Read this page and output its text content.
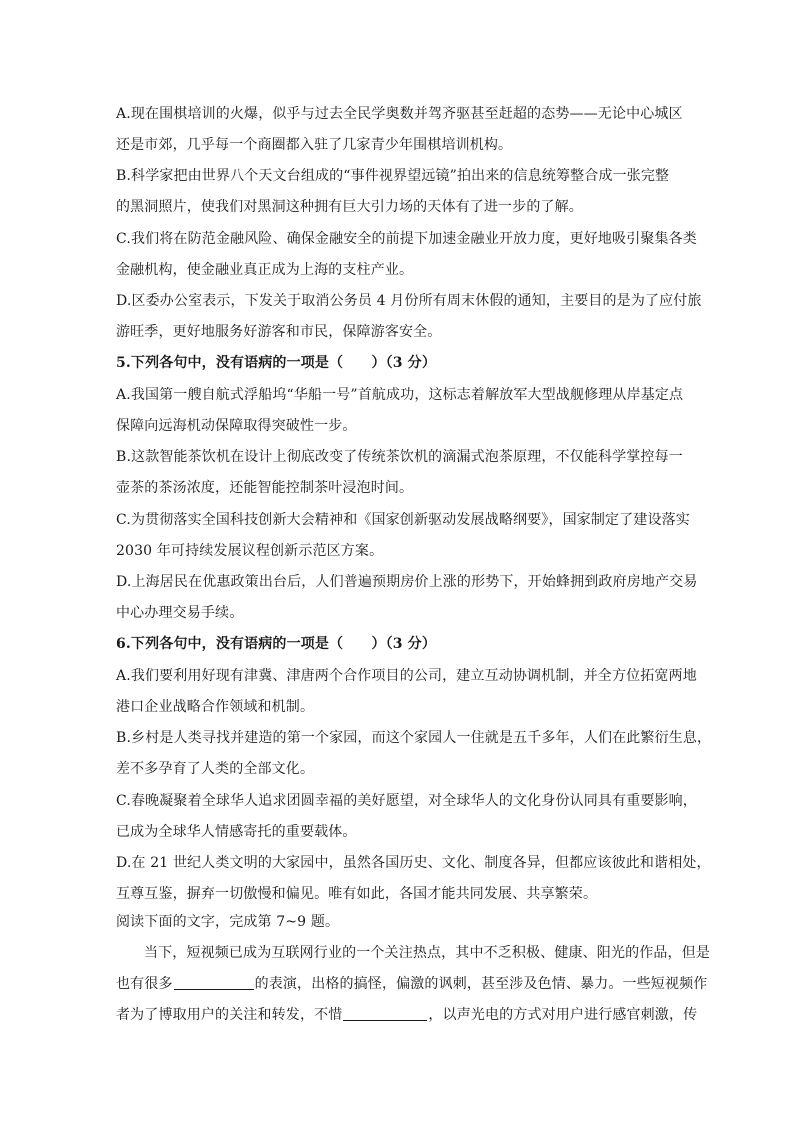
A.现在围棋培训的火爆，似乎与过去全民学奥数并驾齐驱甚至赶超的态势——无论中心城区
还是市郊，几乎每一个商圈都入驻了几家青少年围棋培训机构。
B.科学家把由世界八个天文台组成的“事件视界望远镜”拍出来的信息统筹整合成一张完整
的黑洞照片，使我们对黑洞这种拥有巨大引力场的天体有了进一步的了解。
C.我们将在防范金融风险、确保金融安全的前提下加速金融业开放力度，更好地吸引聚集各类
金融机构，使金融业真正成为上海的支柱产业。
D.区委办公室表示，下发关于取消公务员 4 月份所有周末休假的通知，主要目的是为了应付旅
游旺季，更好地服务好游客和市民，保障游客安全。
5.下列各句中，没有语病的一项是（　　）（3 分）
A.我国第一艘自航式浮船坞“华船一号”首航成功，这标志着解放军大型战舰修理从岸基定点
保障向远海机动保障取得突破性一步。
B.这款智能茶饮机在设计上彻底改变了传统茶饮机的滴漏式泡茶原理，不仅能科学掌控每一
壶茶的茶汤浓度，还能智能控制茶叶浸泡时间。
C.为贯彻落实全国科技创新大会精神和《国家创新驱动发展战略纲要》，国家制定了建设落实
2030 年可持续发展议程创新示范区方案。
D.上海居民在优惠政策出台后，人们普遍预期房价上涨的形势下，开始蜂拥到政府房地产交易
中心办理交易手续。
6.下列各句中，没有语病的一项是（　　）（3 分）
A.我们要利用好现有津冀、津唐两个合作项目的公司，建立互动协调机制，并全方位拓宽两地
港口企业战略合作领域和机制。
B.乡村是人类寻找并建造的第一个家园，而这个家园人一住就是五千多年，人们在此繁衍生息，
差不多孕育了人类的全部文化。
C.春晚凝聚着全球华人追求团圆幸福的美好愿望，对全球华人的文化身份认同具有重要影响，
已成为全球华人情感寄托的重要载体。
D.在 21 世纪人类文明的大家园中，虽然各国历史、文化、制度各异，但都应该彼此和谐相处，
互尊互鉴，摒弃一切傲慢和偏见。唯有如此，各国才能共同发展、共享繁荣。
阅读下面的文字，完成第 7~9 题。
当下，短视频已成为互联网行业的一个关注热点，其中不乏积极、健康、阳光的作品，但是
也有很多	的表演，出格的搞怪，偏激的讽刺，甚至涉及色情、暴力。一些短视频作
者为了博取用户的关注和转发，不惜	，以声光电的方式对用户进行感官刺激，传
